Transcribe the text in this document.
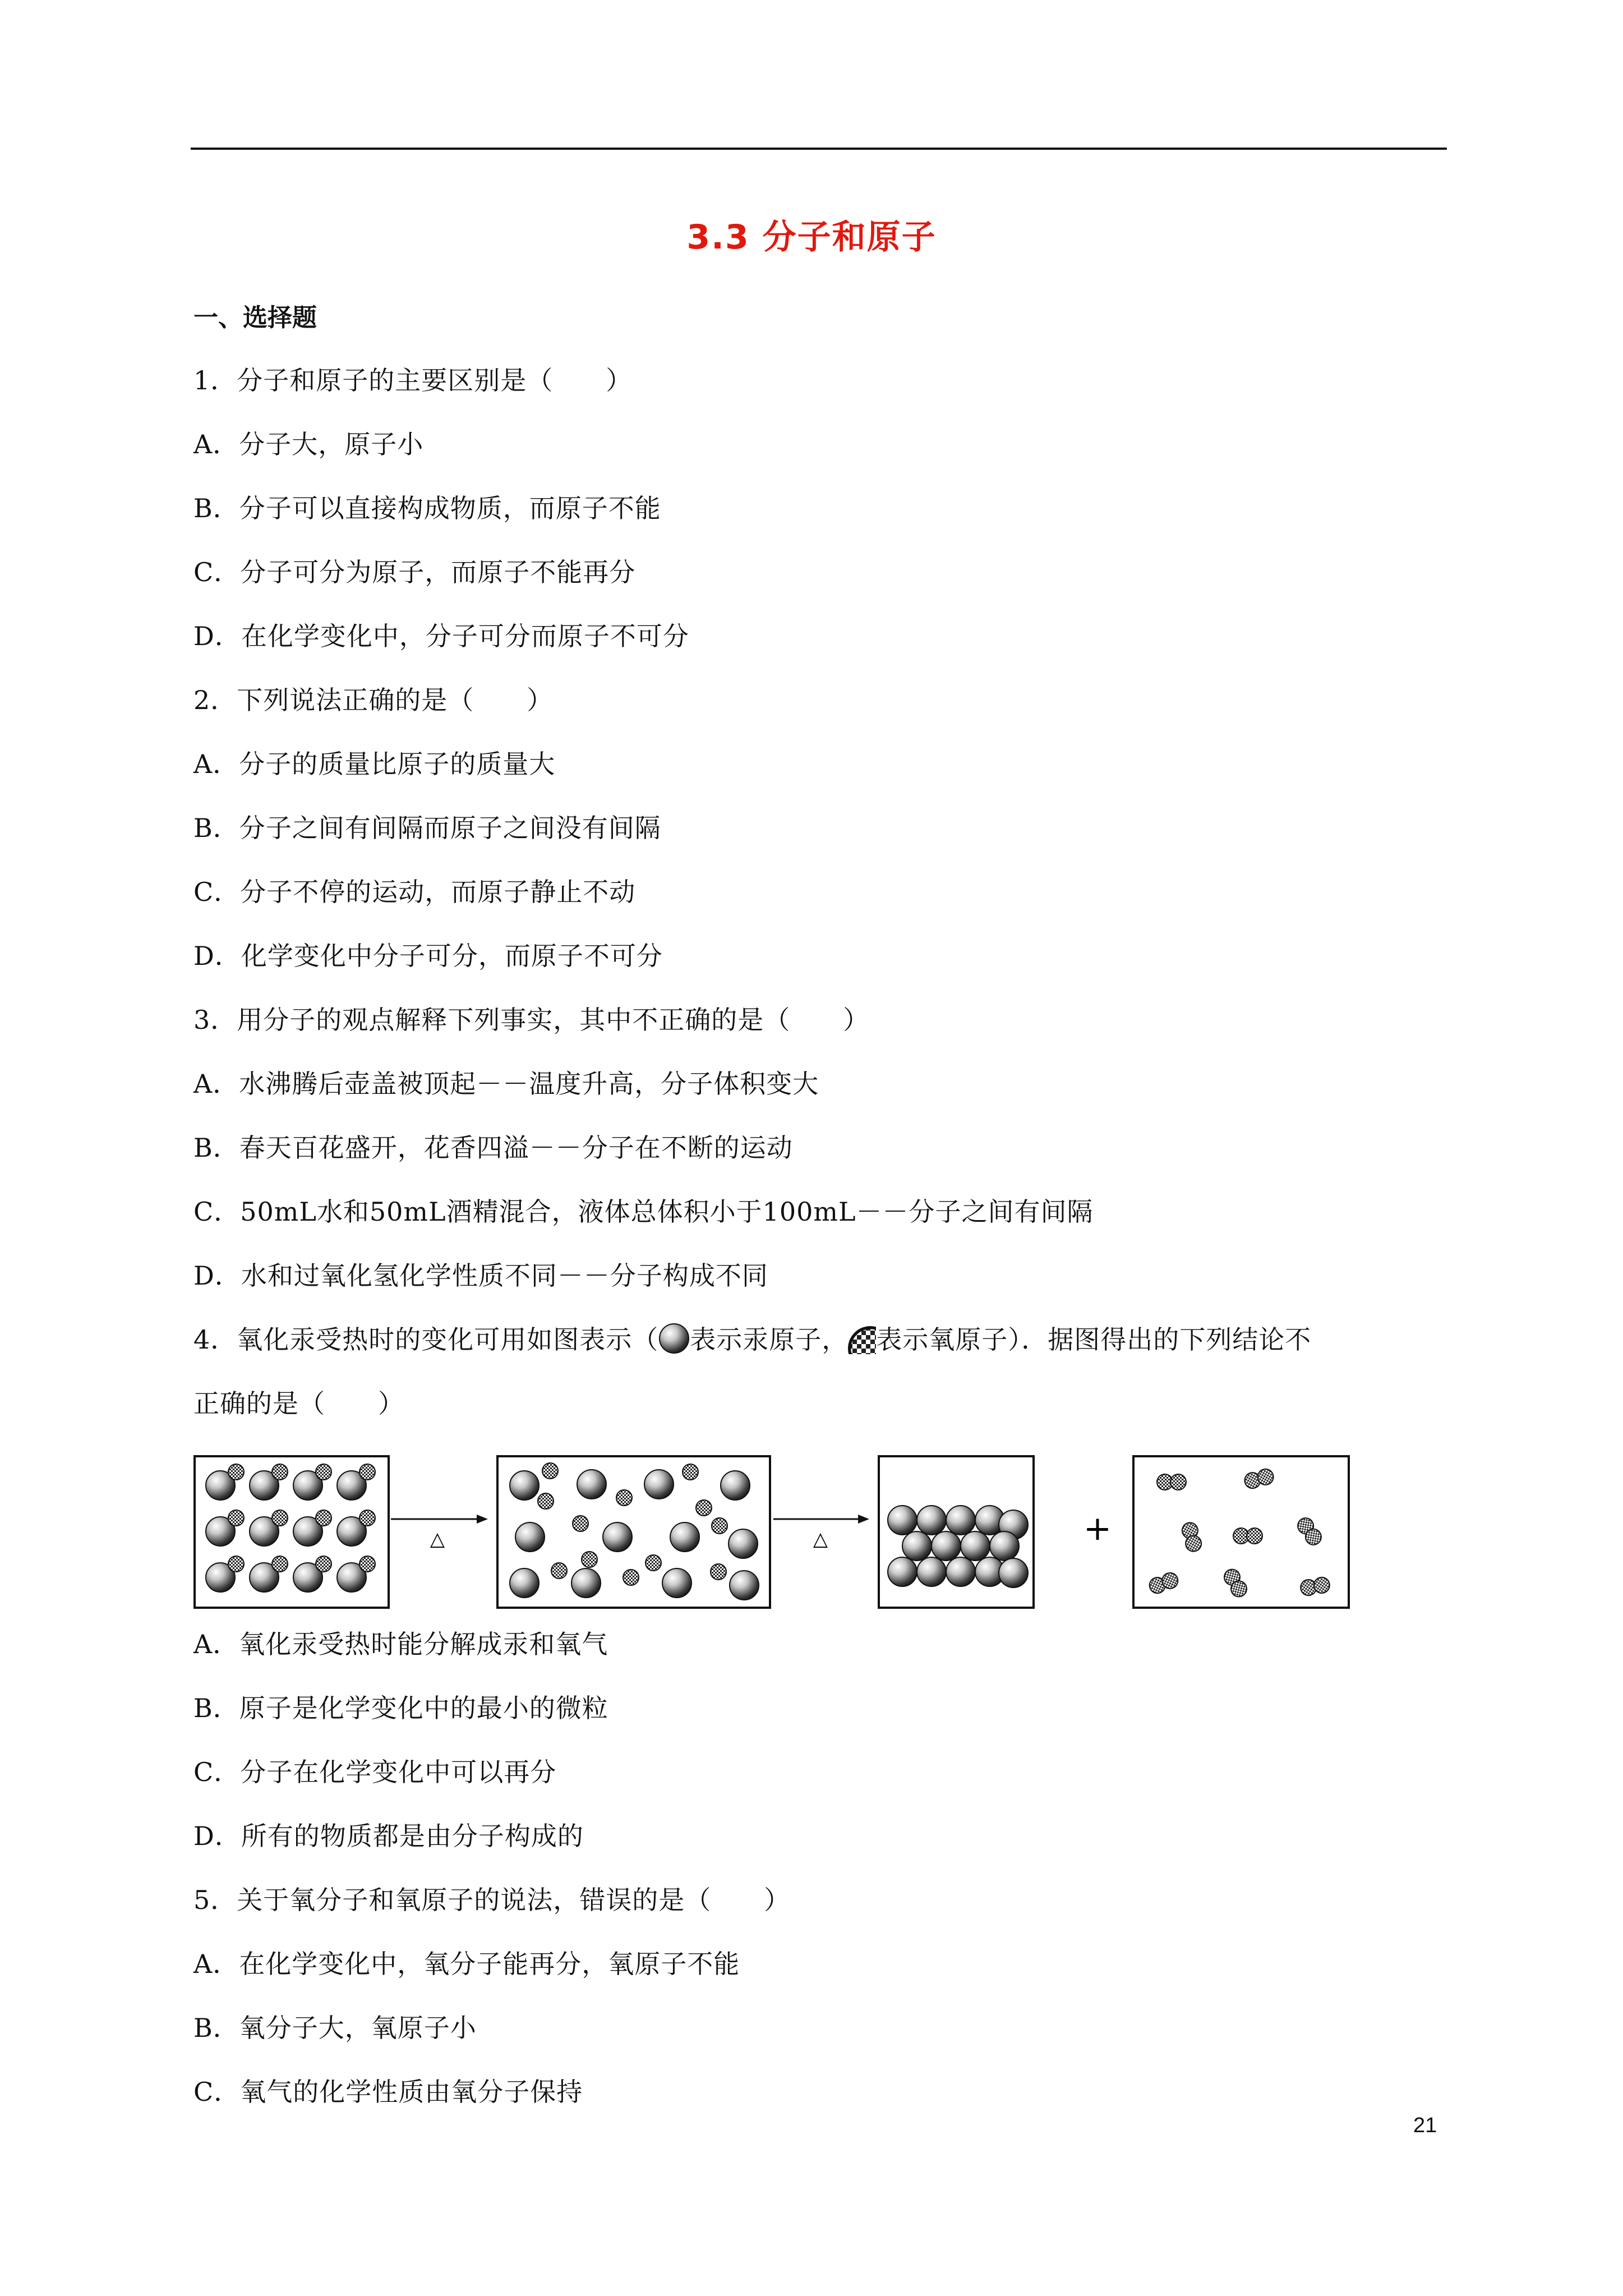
3.3 分子和原子
一、选择题
1．分子和原子的主要区别是（　　）
A．分子大，原子小
B．分子可以直接构成物质，而原子不能
C．分子可分为原子，而原子不能再分
D．在化学变化中，分子可分而原子不可分
2．下列说法正确的是（　　）
A．分子的质量比原子的质量大
B．分子之间有间隔而原子之间没有间隔
C．分子不停的运动，而原子静止不动
D．化学变化中分子可分，而原子不可分
3．用分子的观点解释下列事实，其中不正确的是（　　）
A．水沸腾后壶盖被顶起－－温度升高，分子体积变大
B．春天百花盛开，花香四溢－－分子在不断的运动
C．50mL水和50mL酒精混合，液体总体积小于100mL－－分子之间有间隔
D．水和过氧化氢化学性质不同－－分子构成不同
4．氧化汞受热时的变化可用如图表示（ 表示汞原子， 表示氧原子）．据图得出的下列结论不
正确的是（　　）
△	△	+
A．氧化汞受热时能分解成汞和氧气
B．原子是化学变化中的最小的微粒
C．分子在化学变化中可以再分
D．所有的物质都是由分子构成的
5．关于氧分子和氧原子的说法，错误的是（　　）
A．在化学变化中，氧分子能再分，氧原子不能
B．氧分子大，氧原子小
C．氧气的化学性质由氧分子保持
21
